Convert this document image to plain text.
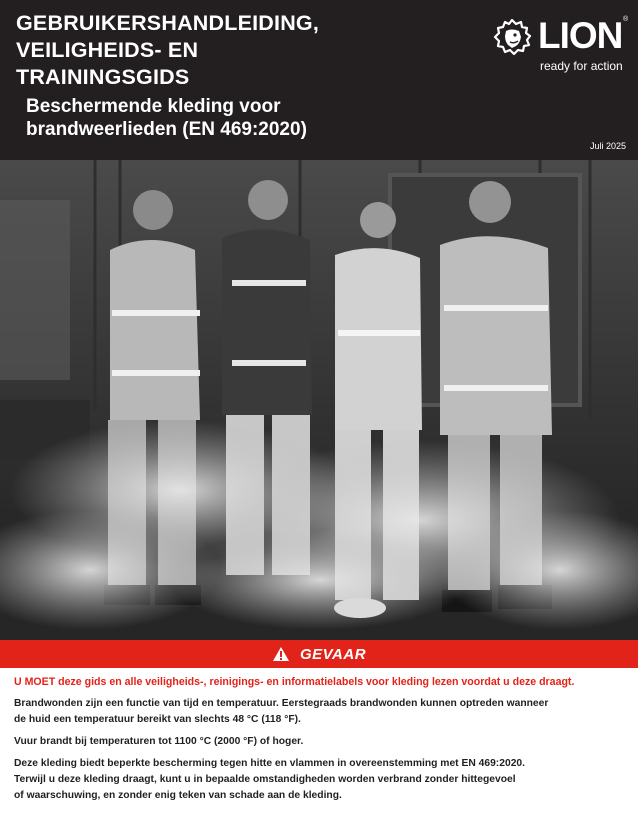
GEBRUIKERSHANDLEIDING,
VEILIGHEIDS- EN
TRAININGSGIDS
Beschermende kleding voor
brandweerlieden (EN 469:2020)
Juli 2025
LION ®
ready for action
GEVAAR
U MOET deze gids en alle veiligheids-, reinigings- en informatielabels voor kleding lezen voordat u deze draagt.
Brandwonden zijn een functie van tijd en temperatuur. Eerstegraads brandwonden kunnen optreden wanneer
de huid een temperatuur bereikt van slechts 48 °C (118 °F).
Vuur brandt bij temperaturen tot 1100 °C (2000 °F) of hoger.
Deze kleding biedt beperkte bescherming tegen hitte en vlammen in overeenstemming met EN 469:2020.
Terwijl u deze kleding draagt, kunt u in bepaalde omstandigheden worden verbrand zonder hittegevoel
of waarschuwing, en zonder enig teken van schade aan de kleding.
